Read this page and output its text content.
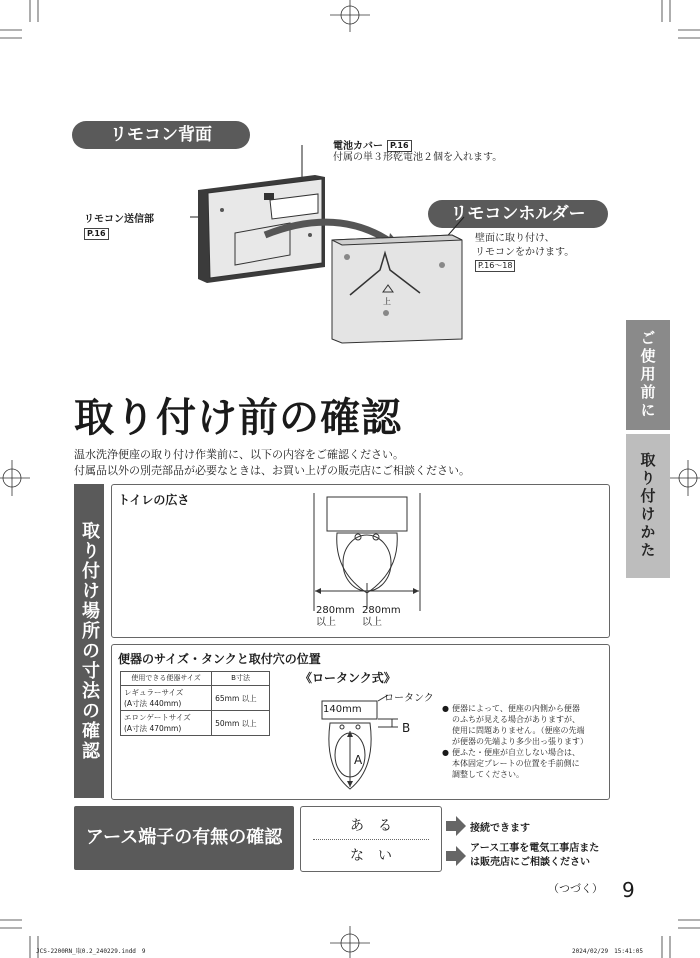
リモコン背面
電池カバー P.16
付属の単３形乾電池２個を入れます。
リモコン送信部
P.16
リモコンホルダー
壁面に取り付け、
リモコンをかけます。
P.16～18
上
ご使用前に
取り付けかた
取り付け前の確認
温水洗浄便座の取り付け作業前に、以下の内容をご確認ください。
付属品以外の別売部品が必要なときは、お買い上げの販売店にご相談ください。
取り付け場所の寸法の確認
トイレの広さ
280mm
以上
280mm
以上
便器のサイズ・タンクと取付穴の位置
使用できる便器サイズ	B寸法

レギュラーサイズ
(A寸法 440mm)	65mm 以上

エロンゲートサイズ
(A寸法 470mm)	50mm 以上
《ロータンク式》
ロータンク
140mm
B
A
● 便器によって、便座の内側から便器
のふちが見える場合がありますが、
使用に問題ありません。（便座の先端
が便器の先端より多少出っ張ります）
● 便ふた・便座が自立しない場合は、
本体固定プレートの位置を手前側に
調整してください。
アース端子の有無の確認
あ　る
な　い
接続できます
アース工事を電気工事店また
は販売店にご相談ください
（つづく） 9
JCS-2200RN_取0.2_240229.indd　9	2024/02/29　15:41:05
